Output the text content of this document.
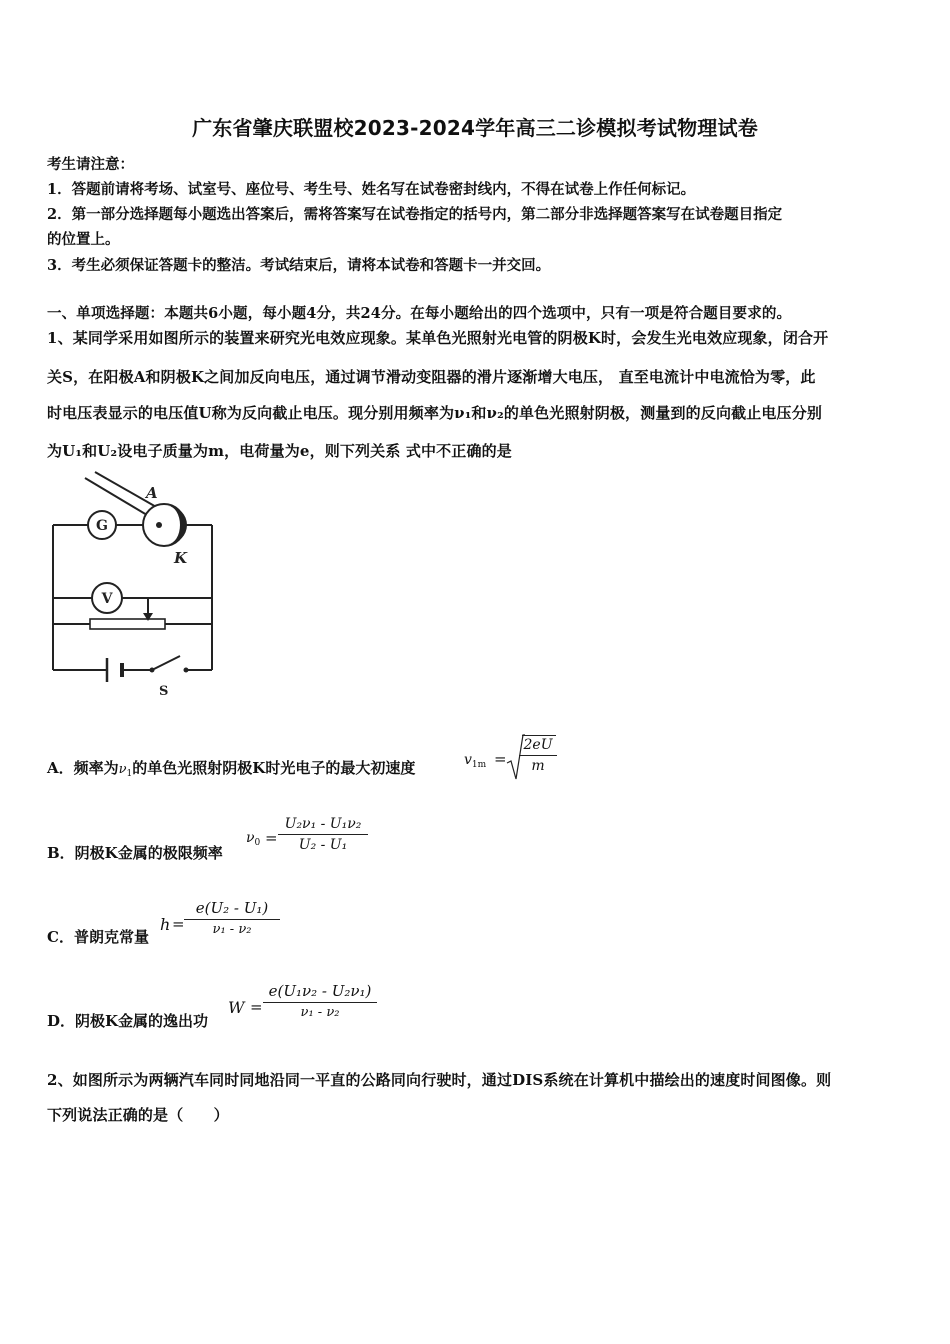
广东省肇庆联盟校2023-2024学年高三二诊模拟考试物理试卷
考生请注意：
1．答题前请将考场、试室号、座位号、考生号、姓名写在试卷密封线内，不得在试卷上作任何标记。
2．第一部分选择题每小题选出答案后，需将答案写在试卷指定的括号内，第二部分非选择题答案写在试卷题目指定
的位置上。
3．考生必须保证答题卡的整洁。考试结束后，请将本试卷和答题卡一并交回。
一、单项选择题：本题共6小题，每小题4分，共24分。在每小题给出的四个选项中，只有一项是符合题目要求的。
1、某同学采用如图所示的装置来研究光电效应现象。某单色光照射光电管的阴极K时，会发生光电效应现象，闭合开
关S，在阳极A和阴极K之间加反向电压，通过调节滑动变阻器的滑片逐渐增大电压， 直至电流计中电流恰为零，此
时电压表显示的电压值U称为反向截止电压。现分别用频率为ν₁和ν₂的单色光照射阴极，测量到的反向截止电压分别
为U₁和U₂设电子质量为m，电荷量为e，则下列关系 式中不正确的是
G
V
A
K
S
A．频率为$\nu_1$的单色光照射阴极K时光电子的最大初速度	$v_{1m}$ =
2eU
m
B．阴极K金属的极限频率
$\nu_0$ =
U₂ν₁ - U₁ν₂
U₂ - U₁
C．普朗克常量
h =
e(U₂ - U₁)
ν₁ - ν₂
D．阴极K金属的逸出功
W =
e(U₁ν₂ - U₂ν₁)
ν₁ - ν₂
2、如图所示为两辆汽车同时同地沿同一平直的公路同向行驶时，通过DIS系统在计算机中描绘出的速度时间图像。则
下列说法正确的是（　　）
